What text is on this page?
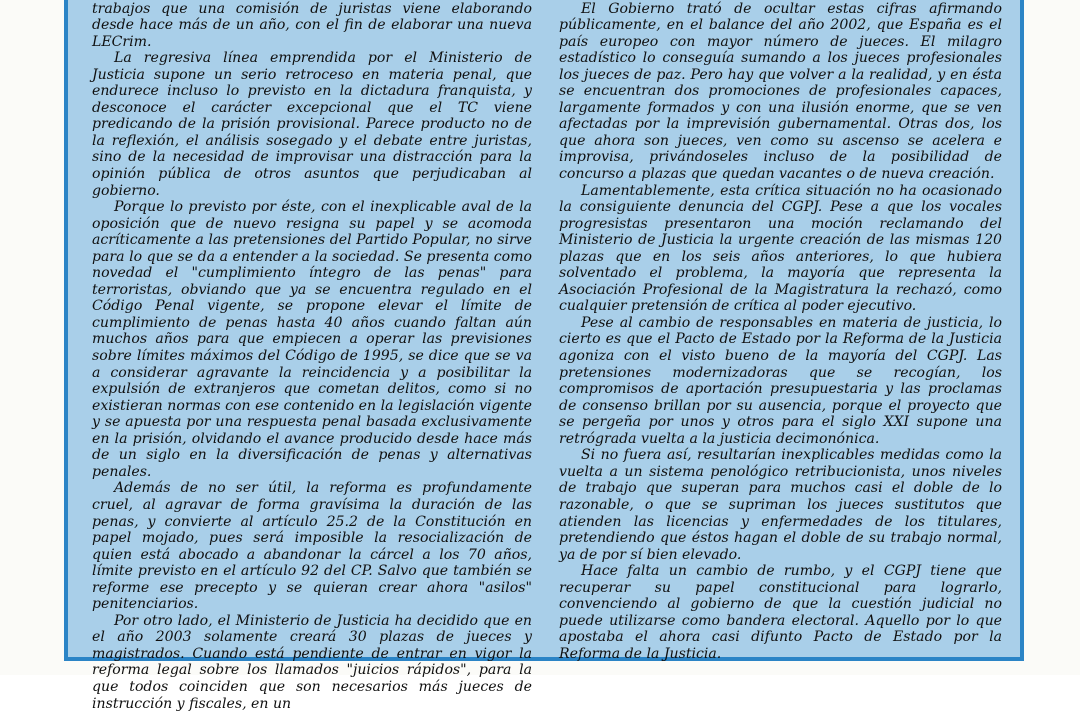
trabajos que una comisión de juristas viene elaborando desde hace más de un año, con el fin de elaborar una nueva LECrim.

La regresiva línea emprendida por el Ministerio de Justicia supone un serio retroceso en materia penal, que endurece incluso lo previsto en la dictadura franquista, y desconoce el carácter excepcional que el TC viene predicando de la prisión provisional. Parece producto no de la reflexión, el análisis sosegado y el debate entre juristas, sino de la necesidad de improvisar una distracción para la opinión pública de otros asuntos que perjudicaban al gobierno.

Porque lo previsto por éste, con el inexplicable aval de la oposición que de nuevo resigna su papel y se acomoda acríticamente a las pretensiones del Partido Popular, no sirve para lo que se da a entender a la sociedad. Se presenta como novedad el "cumplimiento íntegro de las penas" para terroristas, obviando que ya se encuentra regulado en el Código Penal vigente, se propone elevar el límite de cumplimiento de penas hasta 40 años cuando faltan aún muchos años para que empiecen a operar las previsiones sobre límites máximos del Código de 1995, se dice que se va a considerar agravante la reincidencia y a posibilitar la expulsión de extranjeros que cometan delitos, como si no existieran normas con ese contenido en la legislación vigente y se apuesta por una respuesta penal basada exclusivamente en la prisión, olvidando el avance producido desde hace más de un siglo en la diversificación de penas y alternativas penales.

Además de no ser útil, la reforma es profundamente cruel, al agravar de forma gravísima la duración de las penas, y convierte al artículo 25.2 de la Constitución en papel mojado, pues será imposible la resocialización de quien está abocado a abandonar la cárcel a los 70 años, límite previsto en el artículo 92 del CP. Salvo que también se reforme ese precepto y se quieran crear ahora "asilos" penitenciarios.

Por otro lado, el Ministerio de Justicia ha decidido que en el año 2003 solamente creará 30 plazas de jueces y magistrados. Cuando está pendiente de entrar en vigor la reforma legal sobre los llamados "juicios rápidos", para la que todos coinciden que son necesarios más jueces de instrucción y fiscales, en un

El Gobierno trató de ocultar estas cifras afirmando públicamente, en el balance del año 2002, que España es el país europeo con mayor número de jueces. El milagro estadístico lo conseguía sumando a los jueces profesionales los jueces de paz. Pero hay que volver a la realidad, y en ésta se encuentran dos promociones de profesionales capaces, largamente formados y con una ilusión enorme, que se ven afectadas por la imprevisión gubernamental. Otras dos, los que ahora son jueces, ven como su ascenso se acelera e improvisa, privándoseles incluso de la posibilidad de concurso a plazas que quedan vacantes o de nueva creación.

Lamentablemente, esta crítica situación no ha ocasionado la consiguiente denuncia del CGPJ. Pese a que los vocales progresistas presentaron una moción reclamando del Ministerio de Justicia la urgente creación de las mismas 120 plazas que en los seis años anteriores, lo que hubiera solventado el problema, la mayoría que representa la Asociación Profesional de la Magistratura la rechazó, como cualquier pretensión de crítica al poder ejecutivo.

Pese al cambio de responsables en materia de justicia, lo cierto es que el Pacto de Estado por la Reforma de la Justicia agoniza con el visto bueno de la mayoría del CGPJ. Las pretensiones modernizadoras que se recogían, los compromisos de aportación presupuestaria y las proclamas de consenso brillan por su ausencia, porque el proyecto que se pergeña por unos y otros para el siglo XXI supone una retrógrada vuelta a la justicia decimonónica.

Si no fuera así, resultarían inexplicables medidas como la vuelta a un sistema penológico retribucionista, unos niveles de trabajo que superan para muchos casi el doble de lo razonable, o que se supriman los jueces sustitutos que atienden las licencias y enfermedades de los titulares, pretendiendo que éstos hagan el doble de su trabajo normal, ya de por sí bien elevado.

Hace falta un cambio de rumbo, y el CGPJ tiene que recuperar su papel constitucional para lograrlo, convenciendo al gobierno de que la cuestión judicial no puede utilizarse como bandera electoral. Aquello por lo que apostaba el ahora casi difunto Pacto de Estado por la Reforma de la Justicia.
